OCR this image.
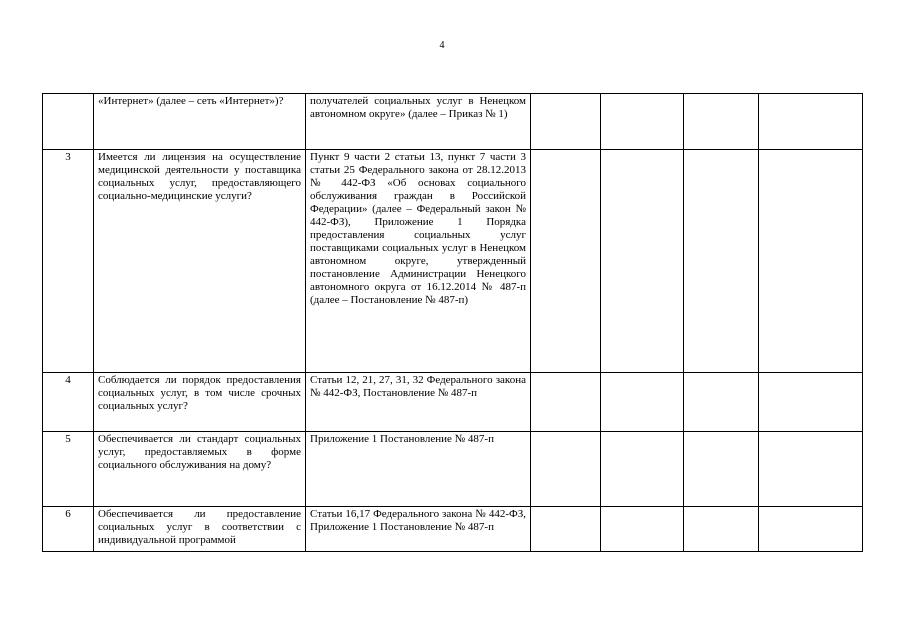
4
	«Интернет» (далее – сеть «Интернет»)?	получателей социальных услуг в Ненецком автономном округе» (далее – Приказ № 1)				
3	Имеется ли лицензия на осуществление медицинской деятельности у поставщика социальных услуг, предоставляющего социально-медицинские услуги?	Пункт 9 части 2 статьи 13, пункт 7 части 3 статьи 25 Федерального закона от 28.12.2013 № 442-ФЗ «Об основах социального обслуживания граждан в Российской Федерации» (далее – Федеральный закон № 442-ФЗ), Приложение 1 Порядка предоставления социальных услуг поставщиками социальных услуг в Ненецком автономном округе, утвержденный постановление Администрации Ненецкого автономного округа от 16.12.2014 № 487-п (далее – Постановление № 487-п)				
4	Соблюдается ли порядок предоставления социальных услуг, в том числе срочных социальных услуг?	Статьи 12, 21, 27, 31, 32 Федерального закона № 442-ФЗ, Постановление № 487-п				
5	Обеспечивается ли стандарт социальных услуг, предоставляемых в форме социального обслуживания на дому?	Приложение 1 Постановление № 487-п				
6	Обеспечивается ли предоставление социальных услуг в соответствии с индивидуальной программой	Статьи 16,17 Федерального закона № 442-ФЗ, Приложение 1 Постановление № 487-п				
